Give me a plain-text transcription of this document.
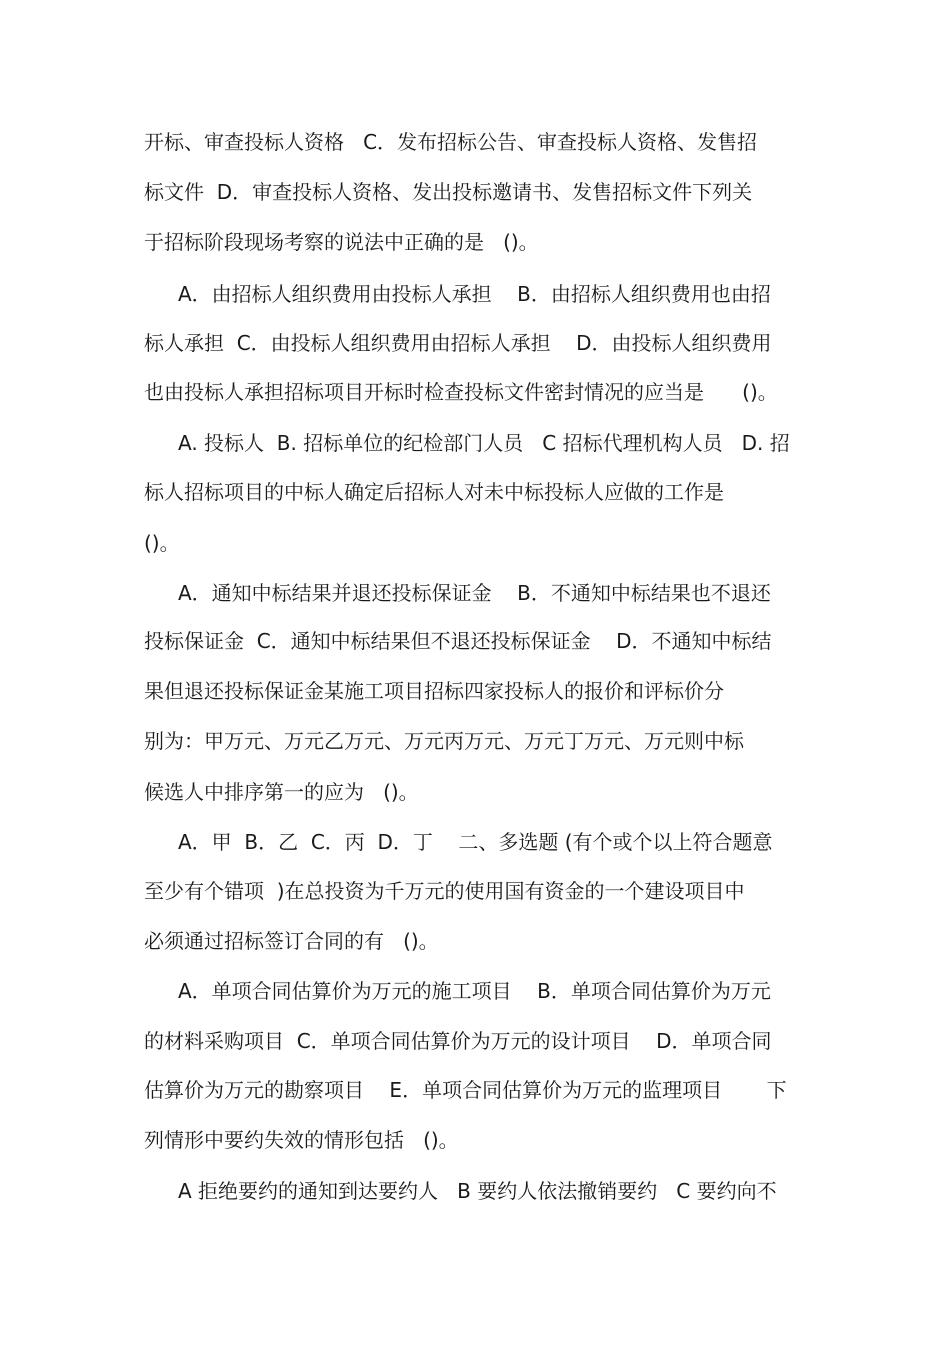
开标、审查投标人资格   C．发布招标公告、审查投标人资格、发售招
标文件  D．审查投标人资格、发出投标邀请书、发售招标文件下列关
于招标阶段现场考察的说法中正确的是   ()。
A．由招标人组织费用由投标人承担    B．由招标人组织费用也由招
标人承担  C．由投标人组织费用由招标人承担    D．由投标人组织费用
也由投标人承担招标项目开标时检查投标文件密封情况的应当是      ()。
A. 投标人  B. 招标单位的纪检部门人员   C 招标代理机构人员   D. 招
标人招标项目的中标人确定后招标人对未中标投标人应做的工作是
()。
A．通知中标结果并退还投标保证金    B．不通知中标结果也不退还
投标保证金  C．通知中标结果但不退还投标保证金    D．不通知中标结
果但退还投标保证金某施工项目招标四家投标人的报价和评标价分
别为：甲万元、万元乙万元、万元丙万元、万元丁万元、万元则中标
候选人中排序第一的应为   ()。
A．甲  B．乙  C．丙  D．丁    二、多选题 (有个或个以上符合题意
至少有个错项  )在总投资为千万元的使用国有资金的一个建设项目中
必须通过招标签订合同的有   ()。
A．单项合同估算价为万元的施工项目    B．单项合同估算价为万元
的材料采购项目  C．单项合同估算价为万元的设计项目    D．单项合同
估算价为万元的勘察项目    E．单项合同估算价为万元的监理项目       下
列情形中要约失效的情形包括   ()。
A 拒绝要约的通知到达要约人   B 要约人依法撤销要约   C 要约向不
